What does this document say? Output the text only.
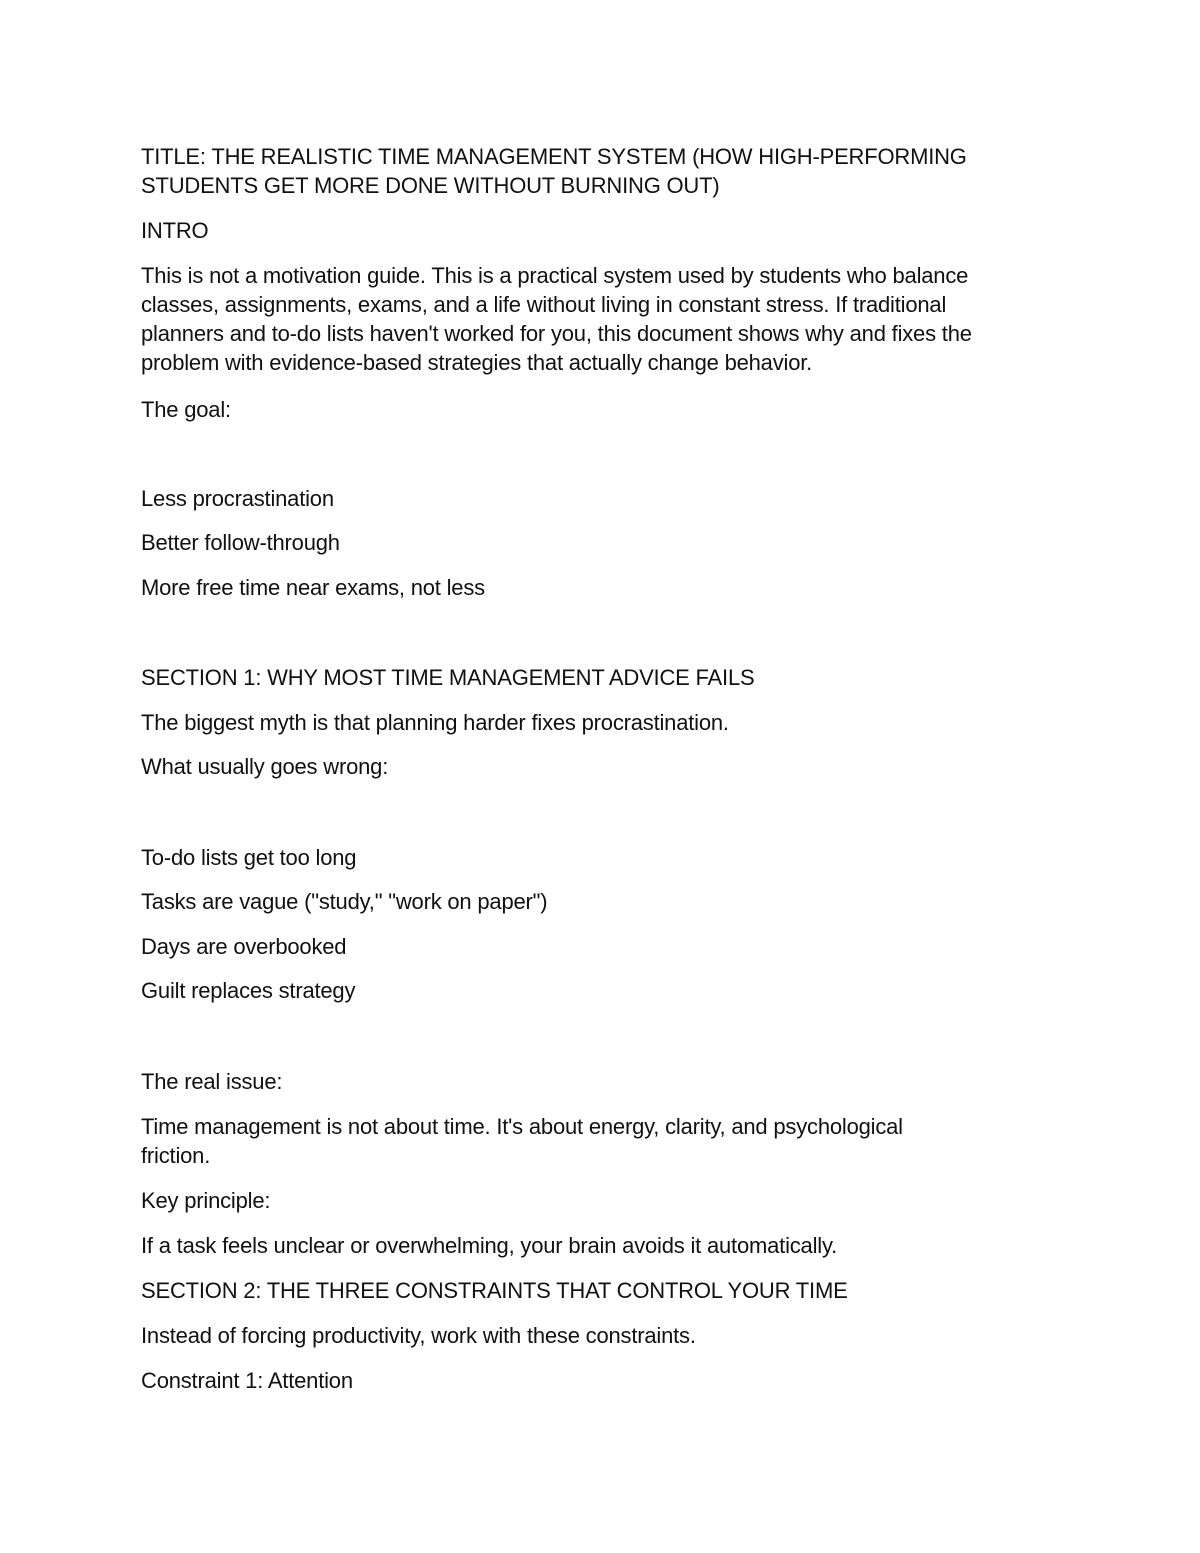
TITLE: THE REALISTIC TIME MANAGEMENT SYSTEM (HOW HIGH-PERFORMING
STUDENTS GET MORE DONE WITHOUT BURNING OUT)
INTRO
This is not a motivation guide. This is a practical system used by students who balance
classes, assignments, exams, and a life without living in constant stress. If traditional
planners and to-do lists haven't worked for you, this document shows why and fixes the
problem with evidence-based strategies that actually change behavior.
The goal:
Less procrastination
Better follow-through
More free time near exams, not less
SECTION 1: WHY MOST TIME MANAGEMENT ADVICE FAILS
The biggest myth is that planning harder fixes procrastination.
What usually goes wrong:
To-do lists get too long
Tasks are vague ("study," "work on paper")
Days are overbooked
Guilt replaces strategy
The real issue:
Time management is not about time. It's about energy, clarity, and psychological
friction.
Key principle:
If a task feels unclear or overwhelming, your brain avoids it automatically.
SECTION 2: THE THREE CONSTRAINTS THAT CONTROL YOUR TIME
Instead of forcing productivity, work with these constraints.
Constraint 1: Attention
